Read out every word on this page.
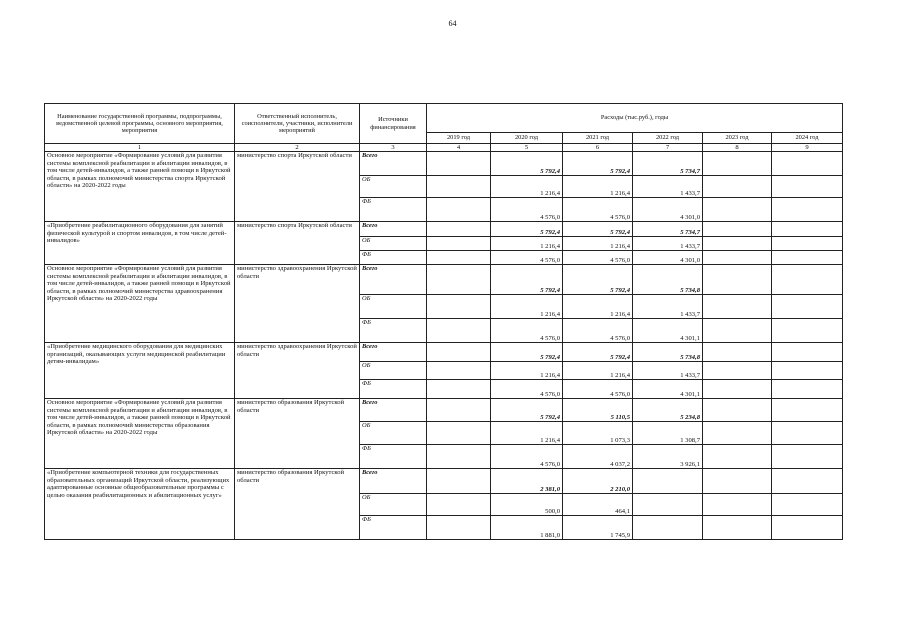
64
Наименование государственной программы, подпрограммы, ведомственной целевой программы, основного мероприятия, мероприятия	Ответственный исполнитель, соисполнители, участники, исполнители мероприятий	Источники финансирования	Расходы (тыс.руб.), годы					
			2019 год	2020 год	2021 год	2022 год	2023 год	2024 год
1	2	3	4	5	6	7	8	9
Основное мероприятие «Формирование условий для развития системы комплексной реабилитации и абилитации инвалидов, в том числе детей-инвалидов, а также ранней помощи в Иркутской области, в рамках полномочий министерства спорта Иркутской области» на 2020-2022 годы	министерство спорта Иркутской области	Всего		5 792,4	5 792,4	5 734,7		
		ОБ		1 216,4	1 216,4	1 433,7		
		ФБ		4 576,0	4 576,0	4 301,0		
«Приобретение реабилитационного оборудования для занятий физической культурой и спортом инвалидов, в том числе детей-инвалидов»	министерство спорта Иркутской области	Всего		5 792,4	5 792,4	5 734,7		
		ОБ		1 216,4	1 216,4	1 433,7		
		ФБ		4 576,0	4 576,0	4 301,0		
Основное мероприятие «Формирование условий для развития системы комплексной реабилитации и абилитации инвалидов, в том числе детей-инвалидов, а также ранней помощи в Иркутской области, в рамках полномочий министерства здравоохранения Иркутской области» на 2020-2022 годы	министерство здравоохранения Иркутской области	Всего		5 792,4	5 792,4	5 734,8		
		ОБ		1 216,4	1 216,4	1 433,7		
		ФБ		4 576,0	4 576,0	4 301,1		
«Приобретение медицинского оборудования для медицинских организаций, оказывающих услуги медицинской реабилитации детям-инвалидам»	министерство здравоохранения Иркутской области	Всего		5 792,4	5 792,4	5 734,8		
		ОБ		1 216,4	1 216,4	1 433,7		
		ФБ		4 576,0	4 576,0	4 301,1		
Основное мероприятие «Формирование условий для развития системы комплексной реабилитации и абилитации инвалидов, в том числе детей-инвалидов, а также ранней помощи в Иркутской области, в рамках полномочий министерства образования Иркутской области» на 2020-2022 годы	министерство образования Иркутской области	Всего		5 792,4	5 110,5	5 234,8		
		ОБ		1 216,4	1 073,3	1 308,7		
		ФБ		4 576,0	4 037,2	3 926,1		
«Приобретение компьютерной техники для государственных образовательных организаций Иркутской области, реализующих адаптированные основные общеобразовательные программы с целью оказания реабилитационных и абилитационных услуг»	министерство образования Иркутской области	Всего		2 381,0	2 210,0			
		ОБ		500,0	464,1			
		ФБ		1 881,0	1 745,9			
